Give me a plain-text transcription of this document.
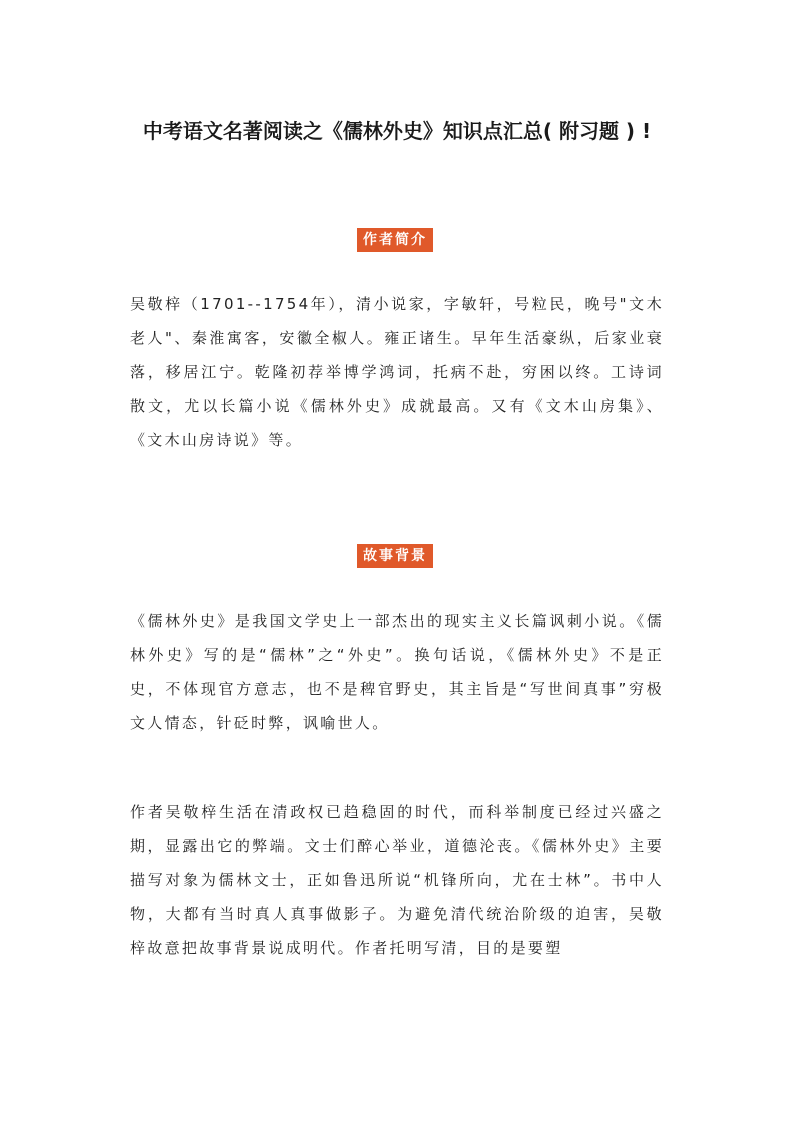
中考语文名著阅读之《儒林外史》知识点汇总( 附习题 ) !
作者简介

吴敬梓（1701--1754年），清小说家，字敏轩，号粒民，晚号"文木老人"、秦淮寓客，安徽全椒人。雍正诸生。早年生活豪纵，后家业衰落，移居江宁。乾隆初荐举博学鸿词，托病不赴，穷困以终。工诗词散文，尤以长篇小说《儒林外史》成就最高。又有《文木山房集》、《文木山房诗说》等。

故事背景

《儒林外史》是我国文学史上一部杰出的现实主义长篇讽刺小说。《儒林外史》写的是“儒林”之“外史”。换句话说，《儒林外史》不是正史，不体现官方意志，也不是稗官野史，其主旨是“写世间真事”穷极文人情态，针砭时弊，讽喻世人。

作者吴敬梓生活在清政权已趋稳固的时代，而科举制度已经过兴盛之期，显露出它的弊端。文士们醉心举业，道德沦丧。《儒林外史》主要描写对象为儒林文士，正如鲁迅所说“机锋所向，尤在士林”。书中人物，大都有当时真人真事做影子。为避免清代统治阶级的迫害，吴敬梓故意把故事背景说成明代。作者托明写清，目的是要塑
